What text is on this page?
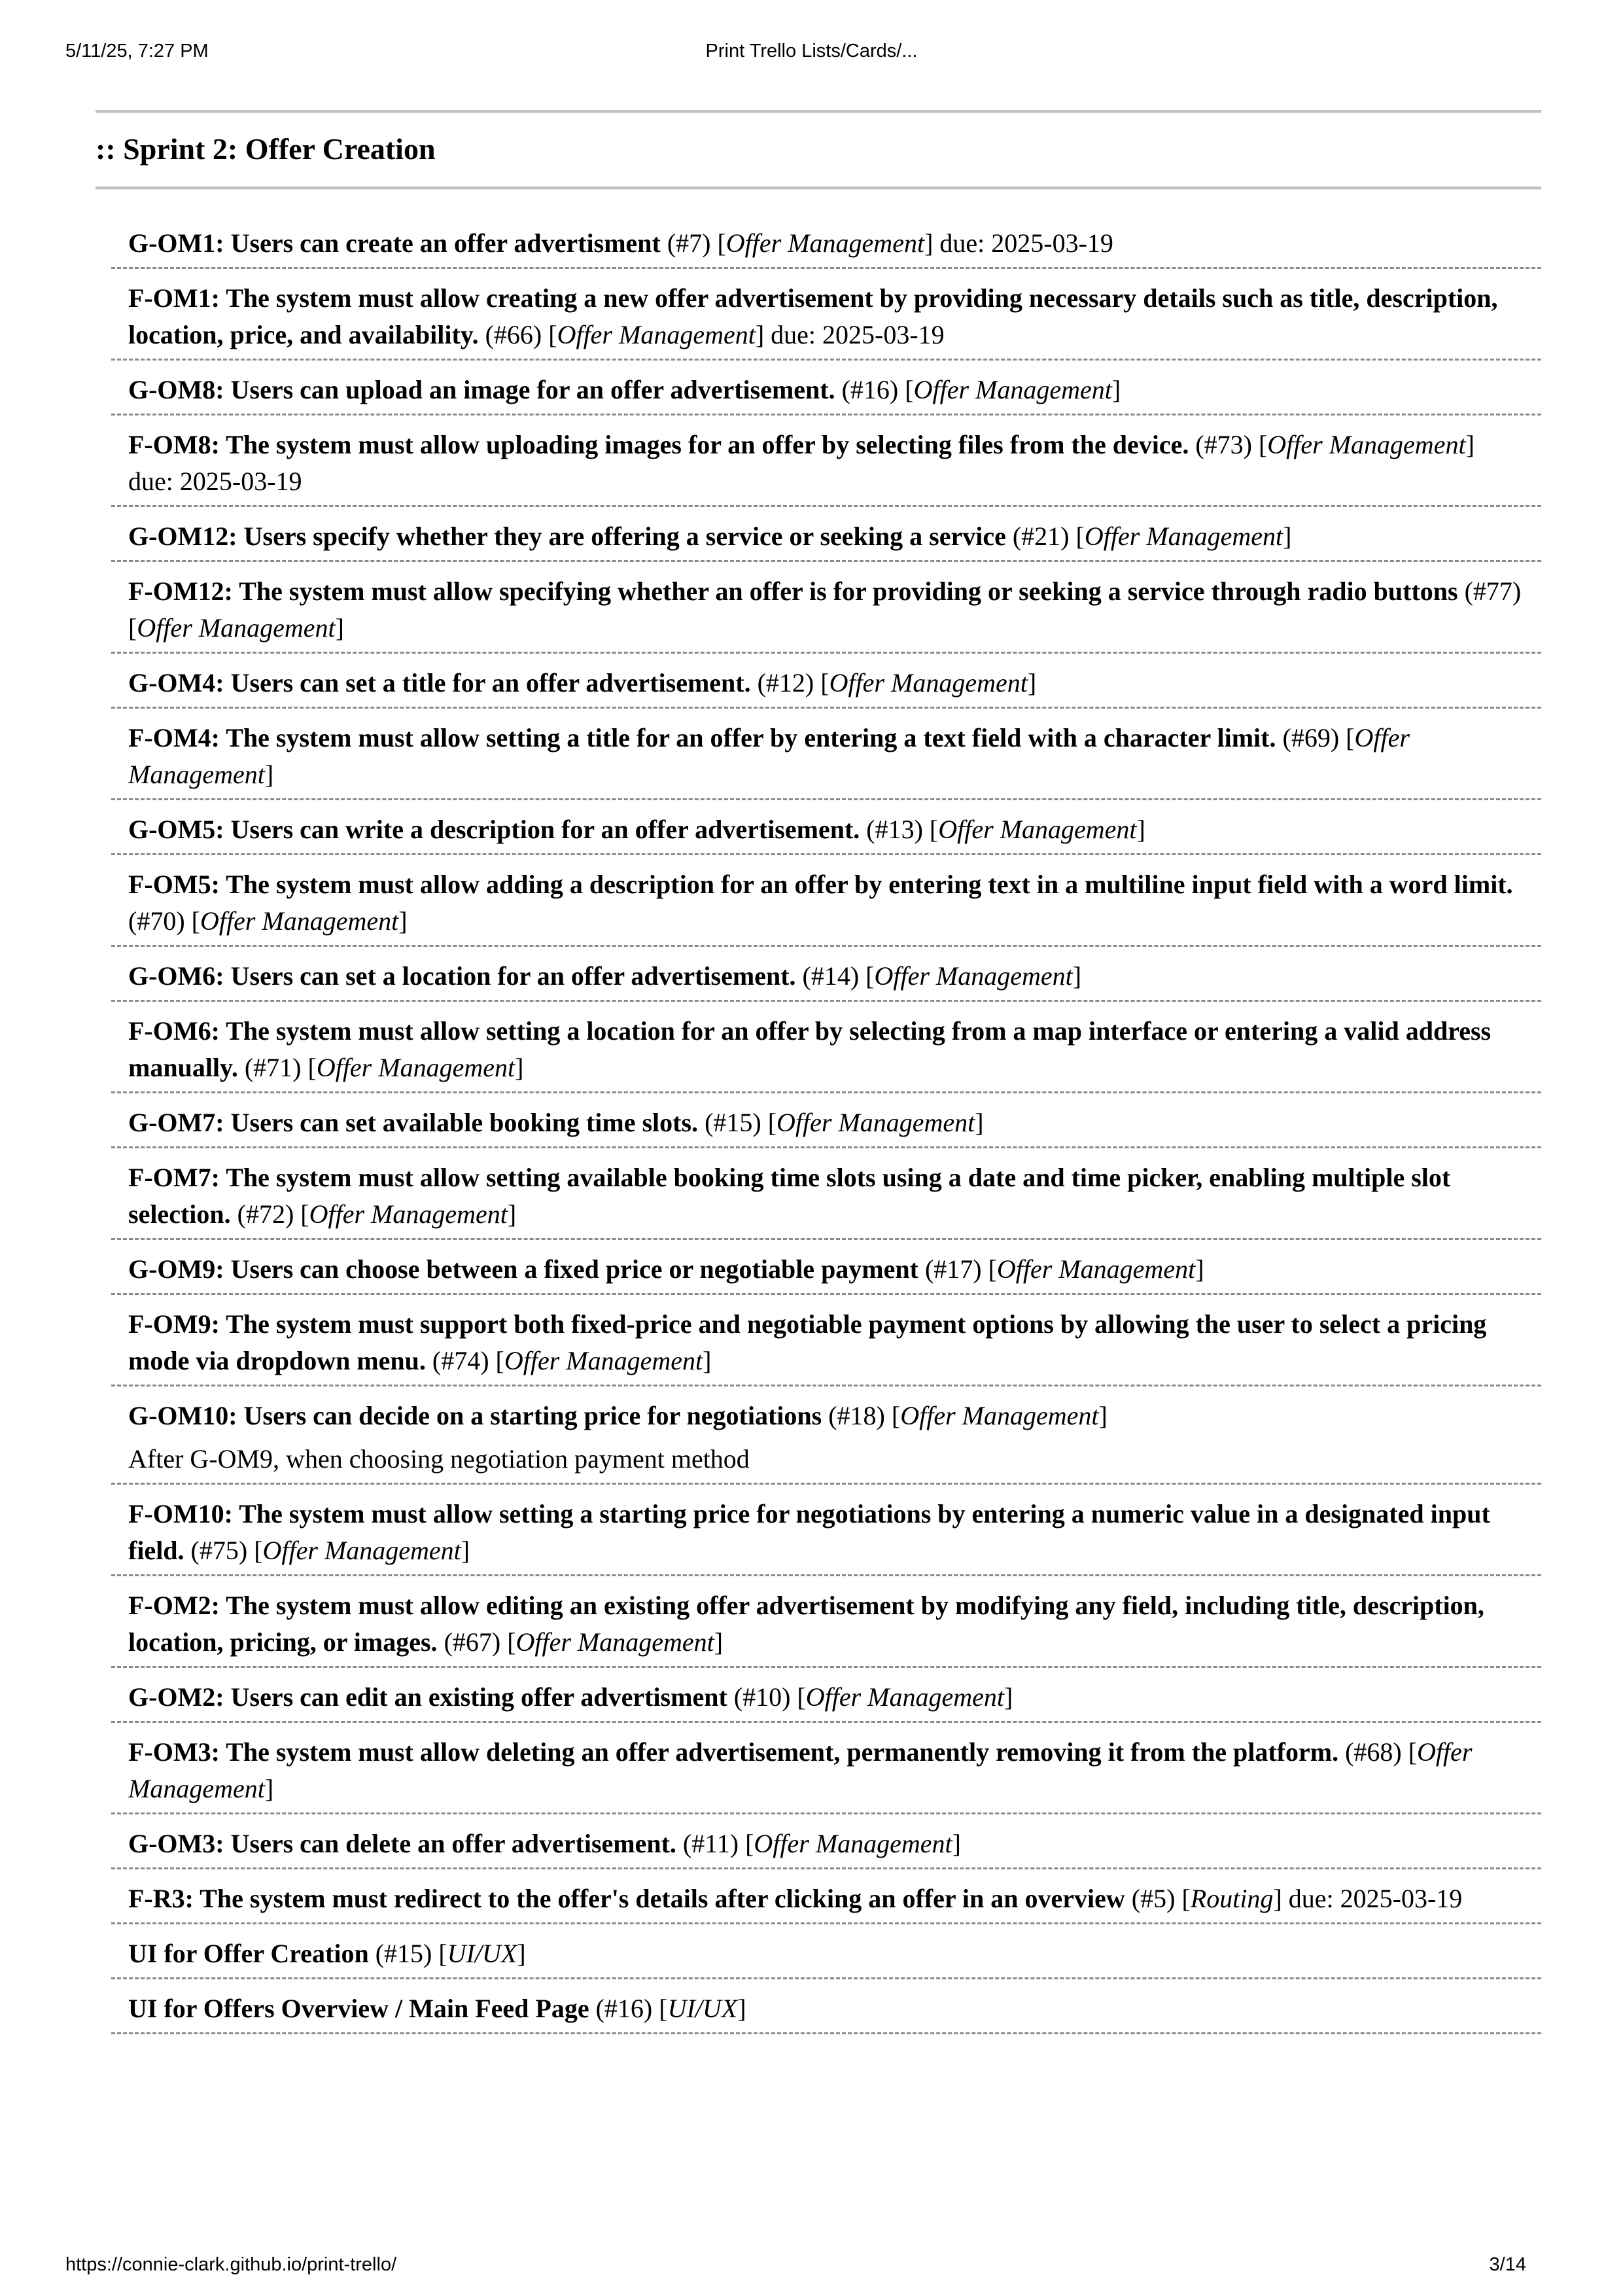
5/11/25, 7:27 PM	Print Trello Lists/Cards/...
:: Sprint 2: Offer Creation
G-OM1: Users can create an offer advertisment (#7) [Offer Management] due: 2025-03-19
F-OM1: The system must allow creating a new offer advertisement by providing necessary details such as title, description, location, price, and availability. (#66) [Offer Management] due: 2025-03-19
G-OM8: Users can upload an image for an offer advertisement. (#16) [Offer Management]
F-OM8: The system must allow uploading images for an offer by selecting files from the device. (#73) [Offer Management] due: 2025-03-19
G-OM12: Users specify whether they are offering a service or seeking a service (#21) [Offer Management]
F-OM12: The system must allow specifying whether an offer is for providing or seeking a service through radio buttons (#77) [Offer Management]
G-OM4: Users can set a title for an offer advertisement. (#12) [Offer Management]
F-OM4: The system must allow setting a title for an offer by entering a text field with a character limit. (#69) [Offer Management]
G-OM5: Users can write a description for an offer advertisement. (#13) [Offer Management]
F-OM5: The system must allow adding a description for an offer by entering text in a multiline input field with a word limit. (#70) [Offer Management]
G-OM6: Users can set a location for an offer advertisement. (#14) [Offer Management]
F-OM6: The system must allow setting a location for an offer by selecting from a map interface or entering a valid address manually. (#71) [Offer Management]
G-OM7: Users can set available booking time slots. (#15) [Offer Management]
F-OM7: The system must allow setting available booking time slots using a date and time picker, enabling multiple slot selection. (#72) [Offer Management]
G-OM9: Users can choose between a fixed price or negotiable payment (#17) [Offer Management]
F-OM9: The system must support both fixed-price and negotiable payment options by allowing the user to select a pricing mode via dropdown menu. (#74) [Offer Management]
G-OM10: Users can decide on a starting price for negotiations (#18) [Offer Management]
After G-OM9, when choosing negotiation payment method
F-OM10: The system must allow setting a starting price for negotiations by entering a numeric value in a designated input field. (#75) [Offer Management]
F-OM2: The system must allow editing an existing offer advertisement by modifying any field, including title, description, location, pricing, or images. (#67) [Offer Management]
G-OM2: Users can edit an existing offer advertisment (#10) [Offer Management]
F-OM3: The system must allow deleting an offer advertisement, permanently removing it from the platform. (#68) [Offer Management]
G-OM3: Users can delete an offer advertisement. (#11) [Offer Management]
F-R3: The system must redirect to the offer's details after clicking an offer in an overview (#5) [Routing] due: 2025-03-19
UI for Offer Creation (#15) [UI/UX]
UI for Offers Overview / Main Feed Page (#16) [UI/UX]
https://connie-clark.github.io/print-trello/	3/14
